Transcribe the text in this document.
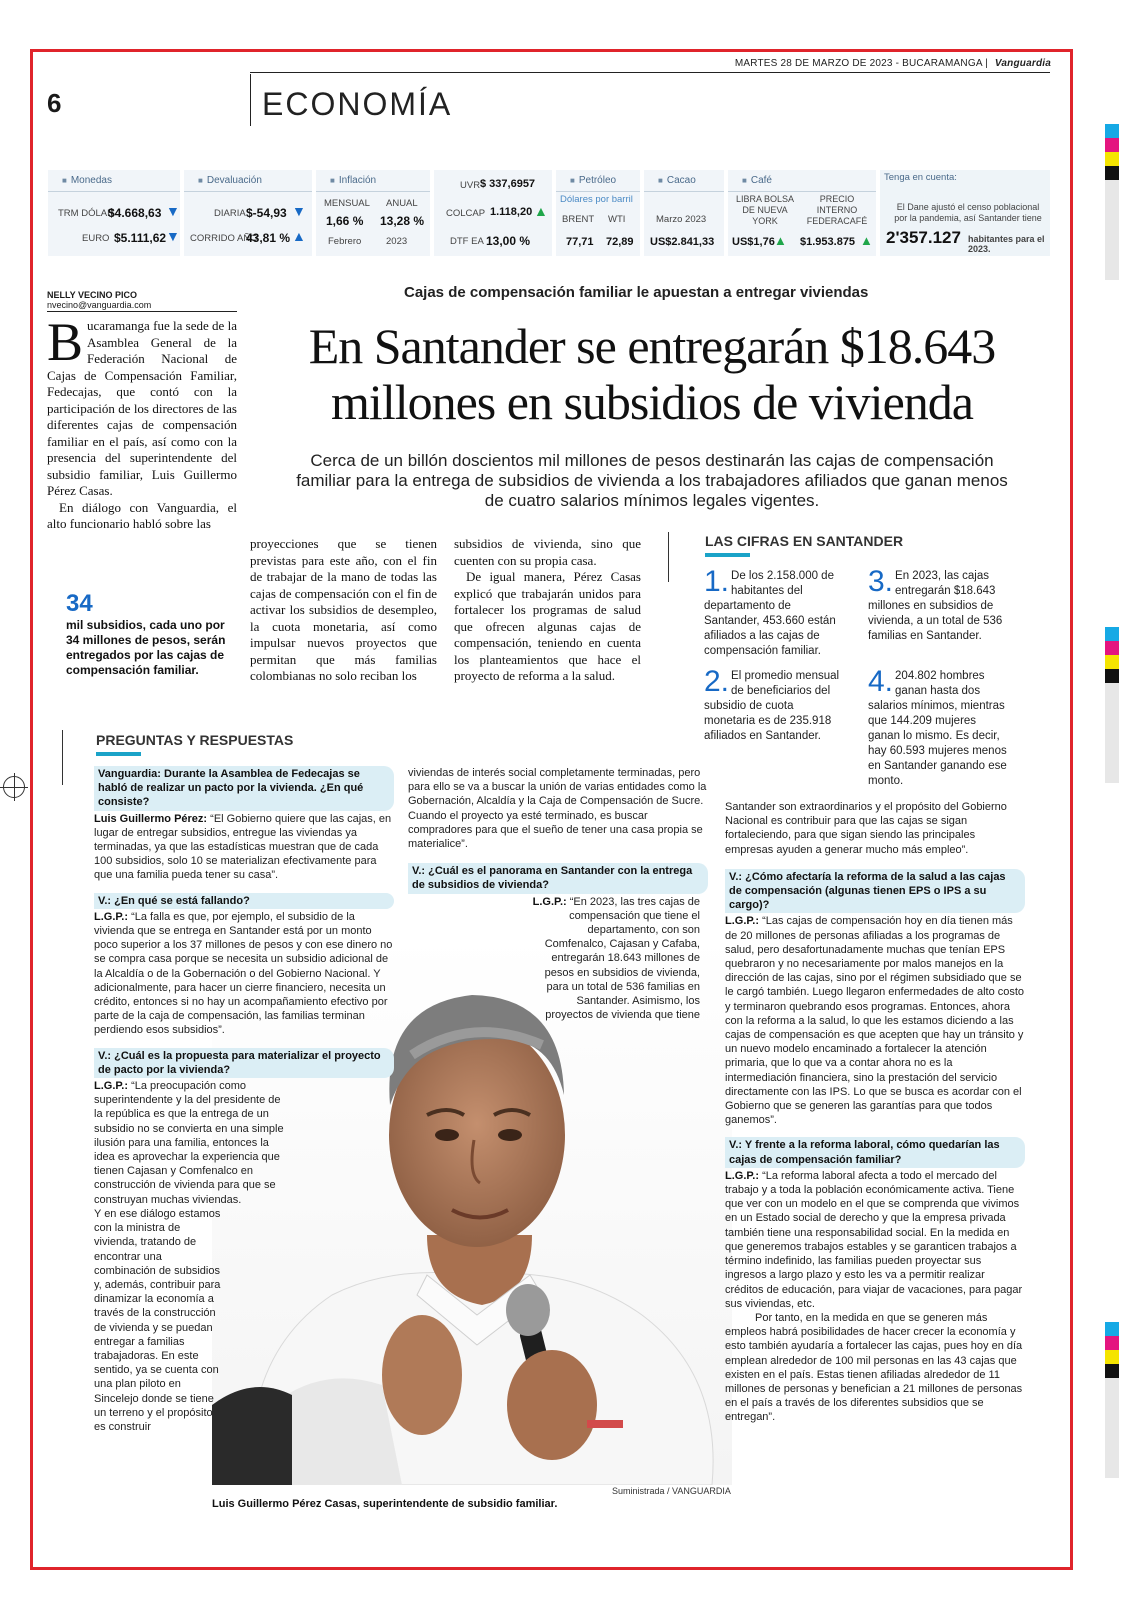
MARTES 28 DE MARZO DE 2023 - BUCARAMANGA | Vanguardia
6	ECONOMÍA
■ Monedas
TRM DÓLAR
$4.668,63 ▼
EURO $5.111,62 ▼
■ Devaluación
DIARIA $-54,93 ▼
CORRIDO AÑO
43,81 % ▲
■ Inflación
MENSUAL
1,66 %
Febrero
ANUAL
13,28 %
2023
UVR $ 337,6957
COLCAP 1.118,20 ▲
DTF EA 13,00 %
■ Petróleo
Dólares por barril
BRENT
77,71
WTI
72,89
■ Cacao
Marzo 2023
US$2.841,33
■ Café
LIBRA BOLSA DE NUEVA YORK
US$1,76 ▲
PRECIO INTERNO FEDERACAFÉ
$1.953.875 ▲
Tenga en cuenta:
El Dane ajustó el censo poblacional por la pandemia, así Santander tiene
2'357.127 habitantes para el 2023.
NELLY VECINO PICO
nvecino@vanguardia.com
Cajas de compensación familiar le apuestan a entregar viviendas
En Santander se entregarán $18.643 millones en subsidios de vivienda
Cerca de un billón doscientos mil millones de pesos destinarán las cajas de compensación familiar para la entrega de subsidios de vivienda a los trabajadores afiliados que ganan menos de cuatro salarios mínimos legales vigentes.
B ucaramanga fue la sede de la Asamblea General de la Federación Nacional de Cajas de Compensación Familiar, Fedecajas, que contó con la participación de los directores de las diferentes cajas de compensación familiar en el país, así como con la presencia del superintendente del subsidio familiar, Luis Guillermo Pérez Casas.

En diálogo con Vanguardia, el alto funcionario habló sobre las

34
mil subsidios, cada uno por 34 millones de pesos, serán entregados por las cajas de compensación familiar.
proyecciones que se tienen previstas para este año, con el fin de trabajar de la mano de todas las cajas de compensación con el fin de activar los subsidios de desempleo, la cuota monetaria, así como impulsar nuevos proyectos que permitan que más familias colombianas no solo reciban los

subsidios de vivienda, sino que cuenten con su propia casa.

De igual manera, Pérez Casas explicó que trabajarán unidos para fortalecer los programas de salud que ofrecen algunas cajas de compensación, teniendo en cuenta los planteamientos que hace el proyecto de reforma a la salud.

LAS CIFRAS EN SANTANDER
1. De los 2.158.000 de habitantes del departamento de Santander, 453.660 están afiliados a las cajas de compensación familiar.
2. El promedio mensual de beneficiarios del subsidio de cuota monetaria es de 235.918 afiliados en Santander.
3. En 2023, las cajas entregarán $18.643 millones en subsidios de vivienda, a un total de 536 familias en Santander.
4. 204.802 hombres ganan hasta dos salarios mínimos, mientras que 144.209 mujeres ganan lo mismo. Es decir, hay 60.593 mujeres menos en Santander ganando ese monto.
PREGUNTAS Y RESPUESTAS
Suministrada / VANGUARDIA
Luis Guillermo Pérez Casas, superintendente de subsidio familiar.
Vanguardia: Durante la Asamblea de Fedecajas se habló de realizar un pacto por la vivienda. ¿En qué consiste?

Luis Guillermo Pérez: “El Gobierno quiere que las cajas, en lugar de entregar subsidios, entregue las viviendas ya terminadas, ya que las estadísticas muestran que de cada 100 subsidios, solo 10 se materializan efectivamente para que una familia pueda tener su casa”.

V.: ¿En qué se está fallando?

L.G.P.: “La falla es que, por ejemplo, el subsidio de la vivienda que se entrega en Santander está por un monto poco superior a los 37 millones de pesos y con ese dinero no se compra casa porque se necesita un subsidio adicional de la Alcaldía o de la Gobernación o del Gobierno Nacional. Y adicionalmente, para hacer un cierre financiero, necesita un crédito, entonces si no hay un acompañamiento efectivo por parte de la caja de compensación, las familias terminan perdiendo esos subsidios”.

V.: ¿Cuál es la propuesta para materializar el proyecto de pacto por la vivienda?

L.G.P.: “La preocupación como superintendente y la del presidente de la república es que la entrega de un subsidio no se convierta en una simple ilusión para una familia, entonces la idea es aprovechar la experiencia que tienen Cajasan y Comfenalco en construcción de vivienda para que se construyan muchas viviendas.

Y en ese diálogo estamos con la ministra de vivienda, tratando de encontrar una combinación de subsidios y, además, contribuir para dinamizar la economía a través de la construcción de vivienda y se puedan entregar a familias trabajadoras. En este sentido, ya se cuenta con una plan piloto en Sincelejo donde se tiene un terreno y el propósito es construir

viviendas de interés social completamente terminadas, pero para ello se va a buscar la unión de varias entidades como la Gobernación, Alcaldía y la Caja de Compensación de Sucre. Cuando el proyecto ya esté terminado, es buscar compradores para que el sueño de tener una casa propia se materialice”.

V.: ¿Cuál es el panorama en Santander con la entrega de subsidios de vivienda?

L.G.P.: “En 2023, las tres cajas de compensación que tiene el departamento, con son Comfenalco, Cajasan y Cafaba, entregarán 18.643 millones de pesos en subsidios de vivienda, para un total de 536 familias en Santander. Asimismo, los proyectos de vivienda que tiene

Santander son extraordinarios y el propósito del Gobierno Nacional es contribuir para que las cajas se sigan fortaleciendo, para que sigan siendo las principales empresas ayuden a generar mucho más empleo”.

V.: ¿Cómo afectaría la reforma de la salud a las cajas de compensación (algunas tienen EPS o IPS a su cargo)?

L.G.P.: “Las cajas de compensación hoy en día tienen más de 20 millones de personas afiliadas a los programas de salud, pero desafortunadamente muchas que tenían EPS quebraron y no necesariamente por malos manejos en la dirección de las cajas, sino por el régimen subsidiado que se le cargó también. Luego llegaron enfermedades de alto costo y terminaron quebrando esos programas. Entonces, ahora con la reforma a la salud, lo que les estamos diciendo a las cajas de compensación es que acepten que hay un tránsito y un nuevo modelo encaminado a fortalecer la atención primaria, que lo que va a contar ahora no es la intermediación financiera, sino la prestación del servicio directamente con las IPS. Lo que se busca es acordar con el Gobierno que se generen las garantías para que todos ganemos”.

V.: Y frente a la reforma laboral, cómo quedarían las cajas de compensación familiar?

L.G.P.: “La reforma laboral afecta a todo el mercado del trabajo y a toda la población económicamente activa. Tiene que ver con un modelo en el que se comprenda que vivimos en un Estado social de derecho y que la empresa privada también tiene una responsabilidad social. En la medida en que generemos trabajos estables y se garanticen trabajos a término indefinido, las familias pueden proyectar sus ingresos a largo plazo y esto les va a permitir realizar créditos de educación, para viajar de vacaciones, para pagar sus viviendas, etc.

Por tanto, en la medida en que se generen más empleos habrá posibilidades de hacer crecer la economía y esto también ayudaría a fortalecer las cajas, pues hoy en día emplean alrededor de 100 mil personas en las 43 cajas que existen en el país. Estas tienen afiliadas alrededor de 11 millones de personas y benefician a 21 millones de personas en el país a través de los diferentes subsidios que se entregan”.
